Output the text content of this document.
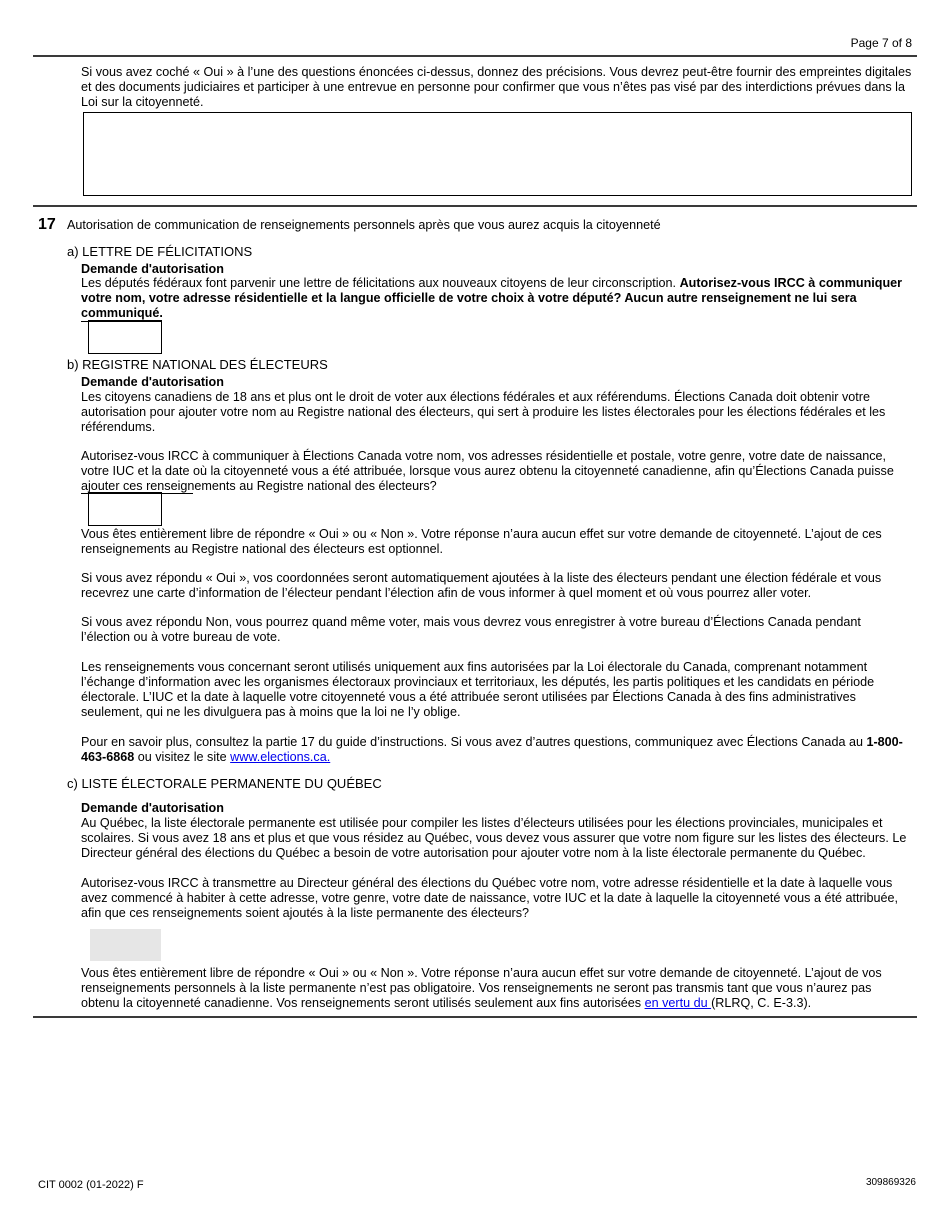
Page 7 of 8

Si vous avez coché « Oui » à l’une des questions énoncées ci-dessus, donnez des précisions. Vous devrez peut-être fournir des empreintes digitales et des documents judiciaires et participer à une entrevue en personne pour confirmer que vous n’êtes pas visé par des interdictions prévues dans la Loi sur la citoyenneté.

17 Autorisation de communication de renseignements personnels après que vous aurez acquis la citoyenneté
a) LETTRE DE FÉLICITATIONS
Demande d'autorisation

Les députés fédéraux font parvenir une lettre de félicitations aux nouveaux citoyens de leur circonscription. Autorisez-vous IRCC à communiquer votre nom, votre adresse résidentielle et la langue officielle de votre choix à votre député? Aucun autre renseignement ne lui sera communiqué.

b) REGISTRE NATIONAL DES ÉLECTEURS
Demande d'autorisation

Les citoyens canadiens de 18 ans et plus ont le droit de voter aux élections fédérales et aux référendums. Élections Canada doit obtenir votre autorisation pour ajouter votre nom au Registre national des électeurs, qui sert à produire les listes électorales pour les élections fédérales et les référendums.

Autorisez-vous IRCC à communiquer à Élections Canada votre nom, vos adresses résidentielle et postale, votre genre, votre date de naissance, votre IUC et la date où la citoyenneté vous a été attribuée, lorsque vous aurez obtenu la citoyenneté canadienne, afin qu’Élections Canada puisse ajouter ces renseignements au Registre national des électeurs?

Vous êtes entièrement libre de répondre « Oui » ou « Non ». Votre réponse n’aura aucun effet sur votre demande de citoyenneté. L’ajout de ces renseignements au Registre national des électeurs est optionnel.

Si vous avez répondu « Oui », vos coordonnées seront automatiquement ajoutées à la liste des électeurs pendant une élection fédérale et vous recevrez une carte d’information de l’électeur pendant l’élection afin de vous informer à quel moment et où vous pourrez aller voter.

Si vous avez répondu Non, vous pourrez quand même voter, mais vous devrez vous enregistrer à votre bureau d’Élections Canada pendant l’élection ou à votre bureau de vote.

Les renseignements vous concernant seront utilisés uniquement aux fins autorisées par la Loi électorale du Canada, comprenant notamment l’échange d’information avec les organismes électoraux provinciaux et territoriaux, les députés, les partis politiques et les candidats en période électorale. L’IUC et la date à laquelle votre citoyenneté vous a été attribuée seront utilisées par Élections Canada à des fins administratives seulement, qui ne les divulguera pas à moins que la loi ne l’y oblige.

Pour en savoir plus, consultez la partie 17 du guide d’instructions. Si vous avez d’autres questions, communiquez avec Élections Canada au 1-800-463-6868 ou visitez le site www.elections.ca.

c) LISTE ÉLECTORALE PERMANENTE DU QUÉBEC
Demande d'autorisation

Au Québec, la liste électorale permanente est utilisée pour compiler les listes d’électeurs utilisées pour les élections provinciales, municipales et scolaires. Si vous avez 18 ans et plus et que vous résidez au Québec, vous devez vous assurer que votre nom figure sur les listes des électeurs. Le Directeur général des élections du Québec a besoin de votre autorisation pour ajouter votre nom à la liste électorale permanente du Québec.

Autorisez-vous IRCC à transmettre au Directeur général des élections du Québec votre nom, votre adresse résidentielle et la date à laquelle vous avez commencé à habiter à cette adresse, votre genre, votre date de naissance, votre IUC et la date à laquelle la citoyenneté vous a été attribuée, afin que ces renseignements soient ajoutés à la liste permanente des électeurs?

Vous êtes entièrement libre de répondre « Oui » ou « Non ». Votre réponse n’aura aucun effet sur votre demande de citoyenneté. L’ajout de vos renseignements personnels à la liste permanente n’est pas obligatoire. Vos renseignements ne seront pas transmis tant que vous n’aurez pas obtenu la citoyenneté canadienne. Vos renseignements seront utilisés seulement aux fins autorisées en vertu du (RLRQ, C. E-3.3).

CIT 0002 (01-2022) F	309869326
